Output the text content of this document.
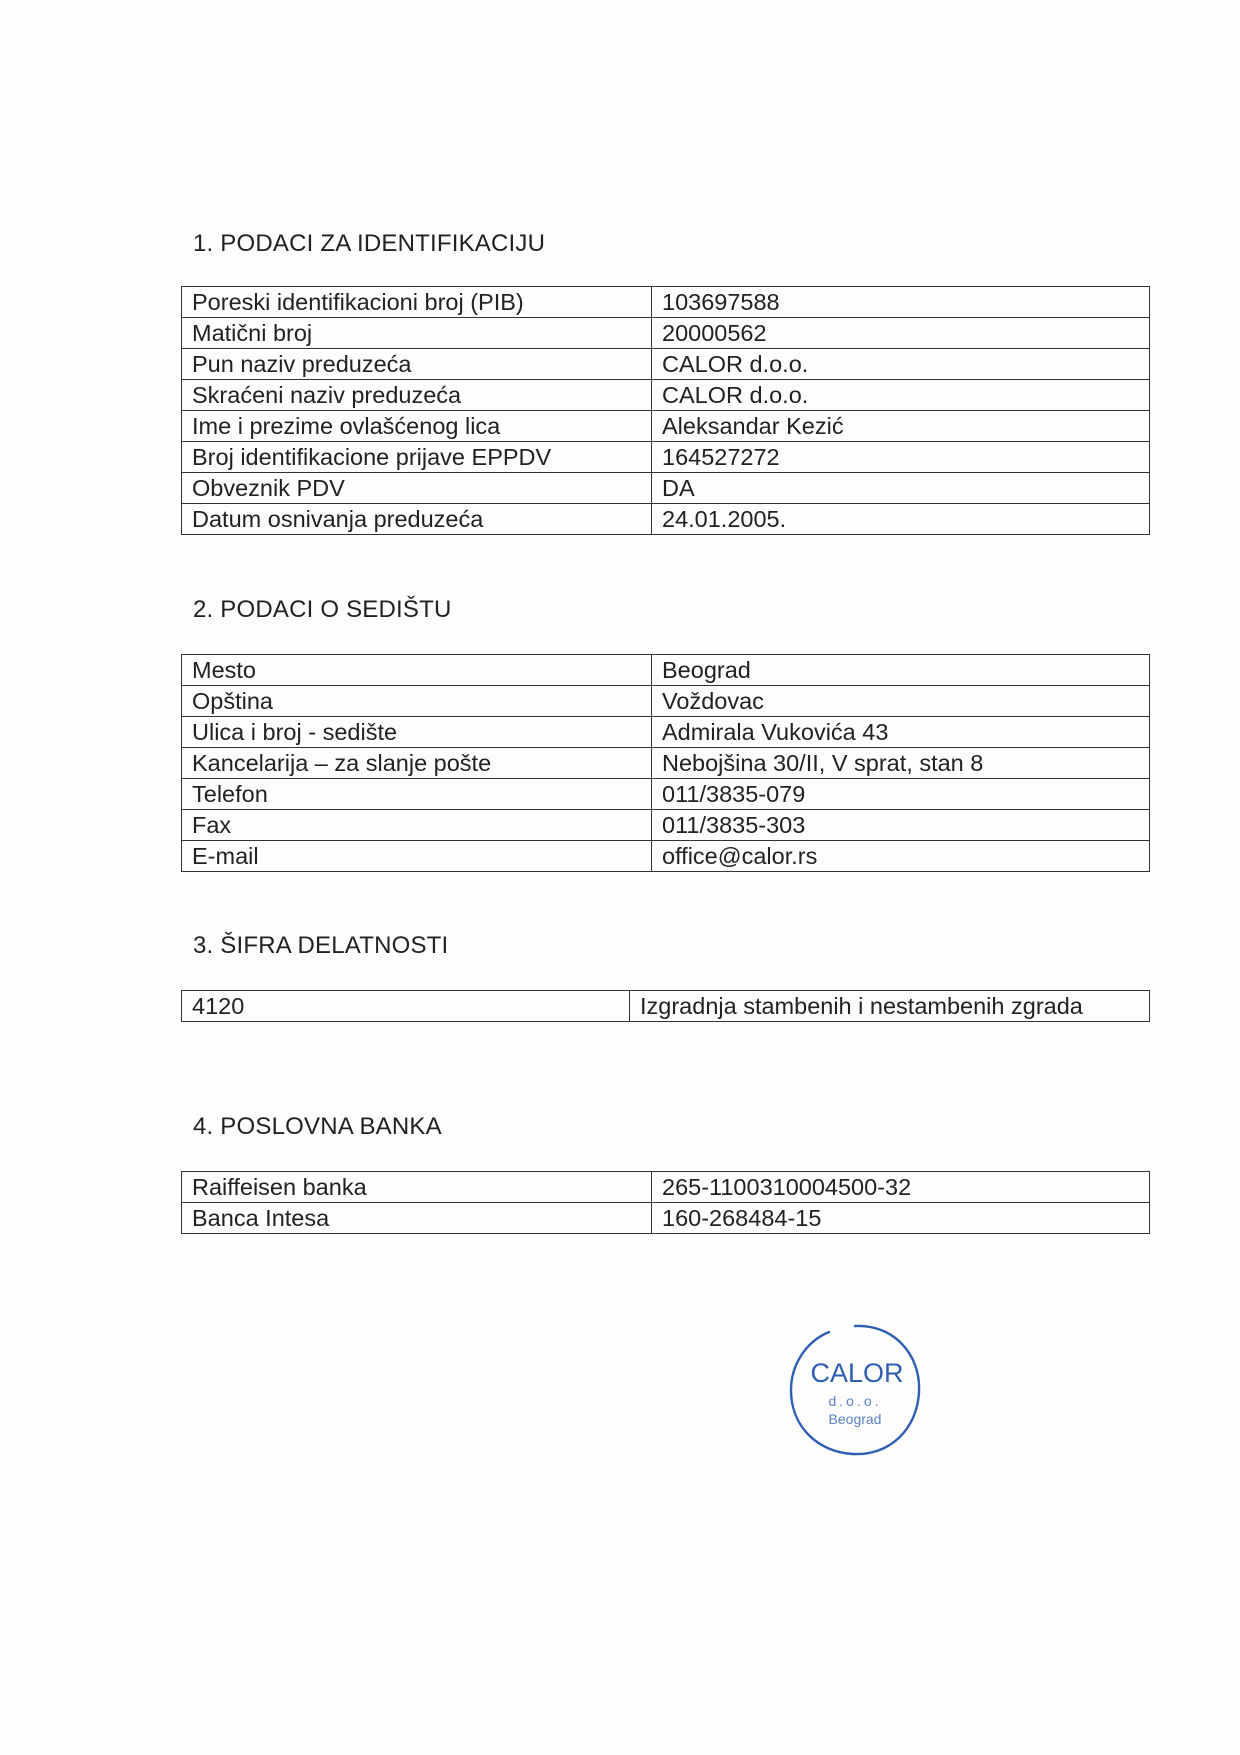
1. PODACI ZA IDENTIFIKACIJU
Poreski identifikacioni broj (PIB)	103697588
Matični broj	20000562
Pun naziv preduzeća	CALOR d.o.o.
Skraćeni naziv preduzeća	CALOR d.o.o.
Ime i prezime ovlašćenog lica	Aleksandar Kezić
Broj identifikacione prijave EPPDV	164527272
Obveznik PDV	DA
Datum osnivanja preduzeća	24.01.2005.
2. PODACI O SEDIŠTU
Mesto	Beograd
Opština	Voždovac
Ulica i broj - sedište	Admirala Vukovića 43
Kancelarija – za slanje pošte	Nebojšina 30/II, V sprat, stan 8
Telefon	011/3835-079
Fax	011/3835-303
E-mail	office@calor.rs
3. ŠIFRA DELATNOSTI
4120	Izgradnja stambenih i nestambenih zgrada
4. POSLOVNA BANKA
Raiffeisen banka	265-1100310004500-32
Banca Intesa	160-268484-15
CALOR
d.o.o.
Beograd
